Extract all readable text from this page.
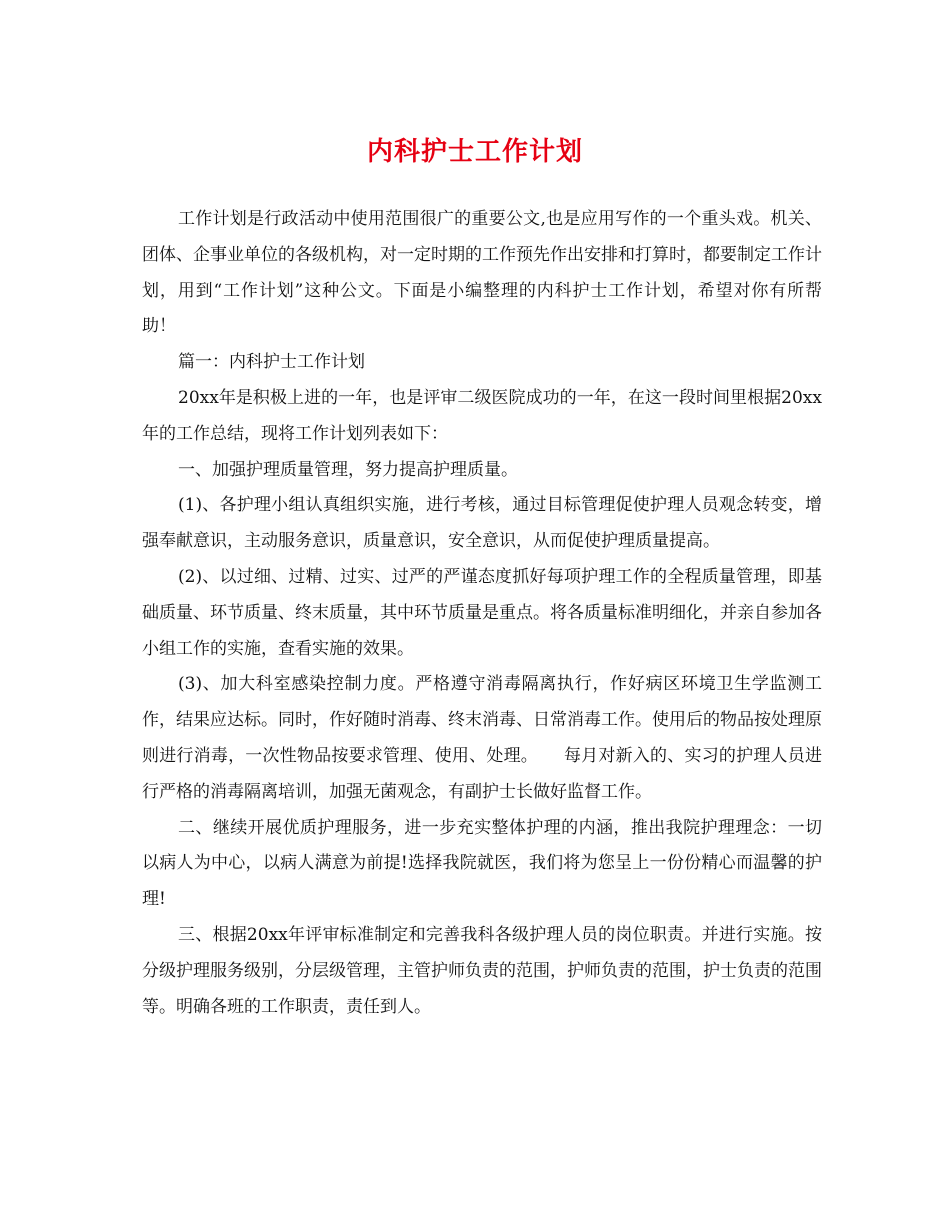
内科护士工作计划

工作计划是行政活动中使用范围很广的重要公文,也是应用写作的一个重头戏。机关、团体、企事业单位的各级机构，对一定时期的工作预先作出安排和打算时，都要制定工作计划，用到“工作计划”这种公文。下面是小编整理的内科护士工作计划，希望对你有所帮助！

篇一：内科护士工作计划

20xx年是积极上进的一年，也是评审二级医院成功的一年，在这一段时间里根据20xx年的工作总结，现将工作计划列表如下：

一、加强护理质量管理，努力提高护理质量。

(1)、各护理小组认真组织实施，进行考核，通过目标管理促使护理人员观念转变，增强奉献意识，主动服务意识，质量意识，安全意识，从而促使护理质量提高。

(2)、以过细、过精、过实、过严的严谨态度抓好每项护理工作的全程质量管理，即基础质量、环节质量、终末质量，其中环节质量是重点。将各质量标准明细化，并亲自参加各小组工作的实施，查看实施的效果。

(3)、加大科室感染控制力度。严格遵守消毒隔离执行，作好病区环境卫生学监测工作，结果应达标。同时，作好随时消毒、终末消毒、日常消毒工作。使用后的物品按处理原则进行消毒，一次性物品按要求管理、使用、处理。　　每月对新入的、实习的护理人员进行严格的消毒隔离培训，加强无菌观念，有副护士长做好监督工作。

二、继续开展优质护理服务，进一步充实整体护理的内涵，推出我院护理理念：一切以病人为中心，以病人满意为前提!选择我院就医，我们将为您呈上一份份精心而温馨的护理!

三、根据20xx年评审标准制定和完善我科各级护理人员的岗位职责。并进行实施。按分级护理服务级别，分层级管理，主管护师负责的范围，护师负责的范围，护士负责的范围等。明确各班的工作职责，责任到人。
